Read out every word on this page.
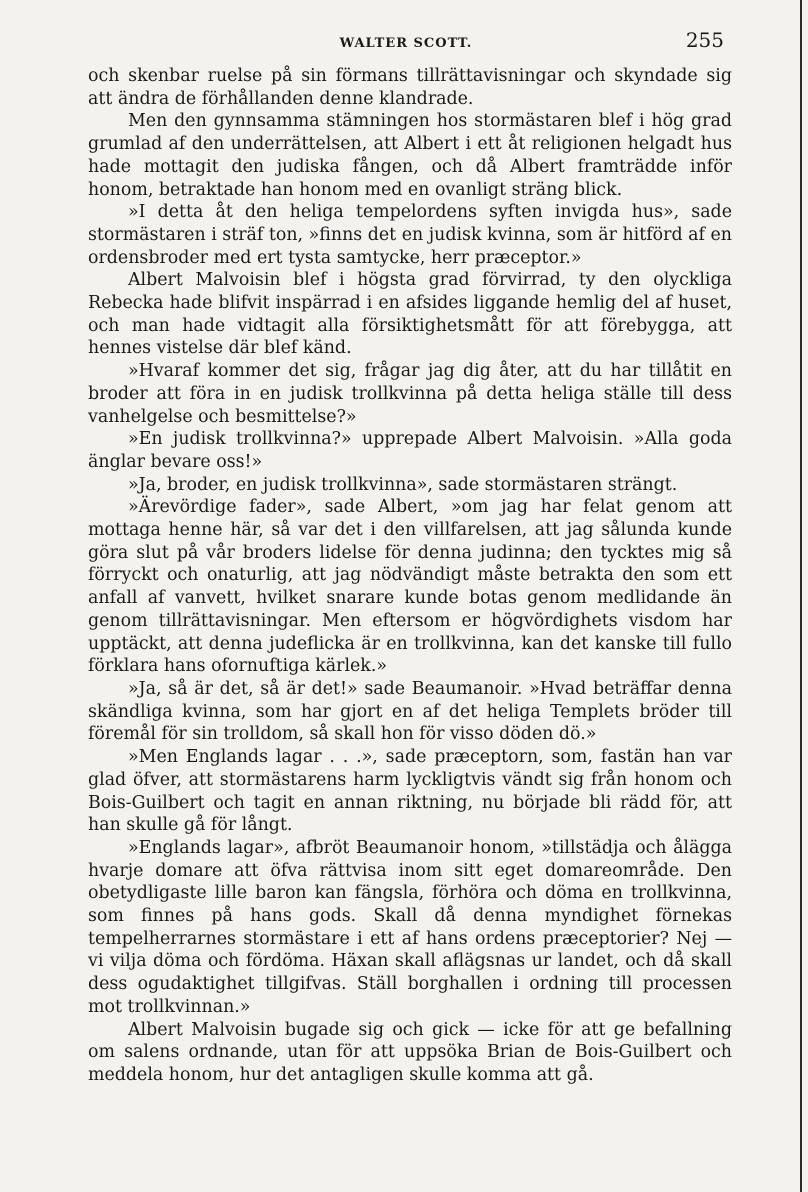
WALTER SCOTT.	255

och skenbar ruelse på sin förmans tillrättavisningar och skyndade sig att ändra de förhållanden denne klandrade.

Men den gynnsamma stämningen hos stormästaren blef i hög grad grumlad af den underrättelsen, att Albert i ett åt religionen helgadt hus hade mottagit den judiska fången, och då Albert framträdde inför honom, betraktade han honom med en ovanligt sträng blick.

»I detta åt den heliga tempelordens syften invigda hus», sade stormästaren i sträf ton, »finns det en judisk kvinna, som är hitförd af en ordensbroder med ert tysta samtycke, herr præceptor.»

Albert Malvoisin blef i högsta grad förvirrad, ty den olyckliga Rebecka hade blifvit inspärrad i en afsides liggande hemlig del af huset, och man hade vidtagit alla försiktighetsmått för att förebygga, att hennes vistelse där blef känd.

»Hvaraf kommer det sig, frågar jag dig åter, att du har tillåtit en broder att föra in en judisk trollkvinna på detta heliga ställe till dess vanhelgelse och besmittelse?»

»En judisk trollkvinna?» upprepade Albert Malvoisin. »Alla goda änglar bevare oss!»

»Ja, broder, en judisk trollkvinna», sade stormästaren strängt.

»Ärevördige fader», sade Albert, »om jag har felat genom att mottaga henne här, så var det i den villfarelsen, att jag sålunda kunde göra slut på vår broders lidelse för denna judinna; den tycktes mig så förryckt och onaturlig, att jag nödvändigt måste betrakta den som ett anfall af vanvett, hvilket snarare kunde botas genom medlidande än genom tillrättavisningar. Men eftersom er högvördighets visdom har upptäckt, att denna judeflicka är en trollkvinna, kan det kanske till fullo förklara hans ofornuftiga kärlek.»

»Ja, så är det, så är det!» sade Beaumanoir. »Hvad beträffar denna skändliga kvinna, som har gjort en af det heliga Templets bröder till föremål för sin trolldom, så skall hon för visso döden dö.»

»Men Englands lagar . . .», sade præceptorn, som, fastän han var glad öfver, att stormästarens harm lyckligtvis vändt sig från honom och Bois-Guilbert och tagit en annan riktning, nu började bli rädd för, att han skulle gå för långt.

»Englands lagar», afbröt Beaumanoir honom, »tillstädja och ålägga hvarje domare att öfva rättvisa inom sitt eget domareområde. Den obetydligaste lille baron kan fängsla, förhöra och döma en trollkvinna, som finnes på hans gods. Skall då denna myndighet förnekas tempelherrarnes stormästare i ett af hans ordens præceptorier? Nej — vi vilja döma och fördöma. Häxan skall aflägsnas ur landet, och då skall dess ogudaktighet tillgifvas. Ställ borghallen i ordning till processen mot trollkvinnan.»

Albert Malvoisin bugade sig och gick — icke för att ge befallning om salens ordnande, utan för att uppsöka Brian de Bois-Guilbert och meddela honom, hur det antagligen skulle komma att gå.
